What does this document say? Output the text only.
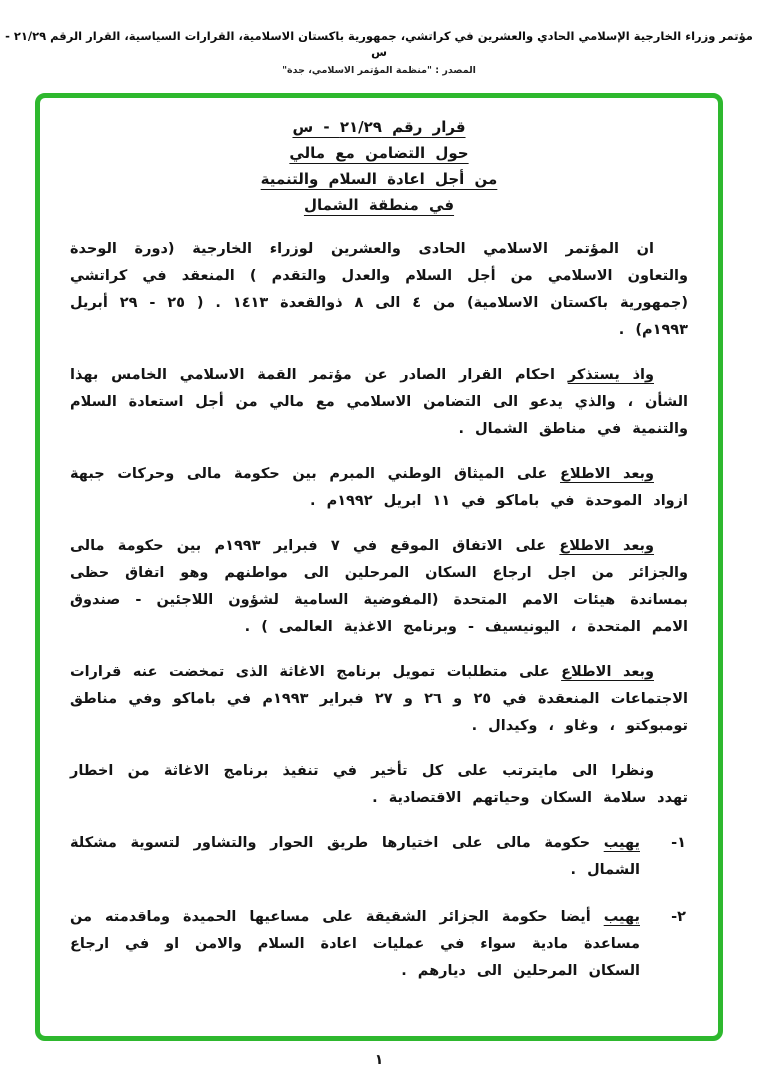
مؤتمر وزراء الخارجية الإسلامي الحادي والعشرين في كراتشي، جمهورية باكستان الاسلامية، القرارات السياسية، القرار الرقم ٢١/٢٩ - س
المصدر : "منظمة المؤتمر الاسلامي، جدة"
قرار رقم ٢١/٢٩ - س
حول التضامن مع مالي
من أجل اعادة السلام والتنمية
في منطقة الشمال

ان المؤتمر الاسلامي الحادى والعشرين لوزراء الخارجية (دورة الوحدة والتعاون الاسلامي من أجل السلام والعدل والتقدم ) المنعقد في كراتشي (جمهورية باكستان الاسلامية) من ٤ الى ٨ ذوالقعدة ١٤١٣ . ( ٢٥ - ٢٩ أبريل ١٩٩٣م) .

واذ يستذكر احكام القرار الصادر عن مؤتمر القمة الاسلامي الخامس بهذا الشأن ، والذي يدعو الى التضامن الاسلامي مع مالي من أجل استعادة السلام والتنمية في مناطق الشمال .

وبعد الاطلاع على الميثاق الوطني المبرم بين حكومة مالى وحركات جبهة ازواد الموحدة في باماكو في ١١ ابريل ١٩٩٢م .

وبعد الاطلاع على الاتفاق الموقع في ٧ فبراير ١٩٩٣م بين حكومة مالى والجزائر من اجل ارجاع السكان المرحلين الى مواطنهم وهو اتفاق حظى بمساندة هيئات الامم المتحدة (المفوضية السامية لشؤون اللاجئين - صندوق الامم المتحدة ، اليونيسيف - وبرنامج الاغذية العالمى ) .

وبعد الاطلاع على متطلبات تمويل برنامج الاغاثة الذى تمخضت عنه قرارات الاجتماعات المنعقدة في ٢٥ و ٢٦ و ٢٧ فبراير ١٩٩٣م في باماكو وفي مناطق تومبوكتو ، وغاو ، وكيدال .

ونظرا الى مايترتب على كل تأخير في تنفيذ برنامج الاغاثة من اخطار تهدد سلامة السكان وحياتهم الاقتصادية .

١-
يهيب حكومة مالى على اختيارها طريق الحوار والتشاور لتسوية مشكلة الشمال .
٢-
يهيب أيضا حكومة الجزائر الشقيقة على مساعيها الحميدة وماقدمته من مساعدة مادية سواء في عمليات اعادة السلام والامن او في ارجاع السكان المرحلين الى ديارهم .
١
